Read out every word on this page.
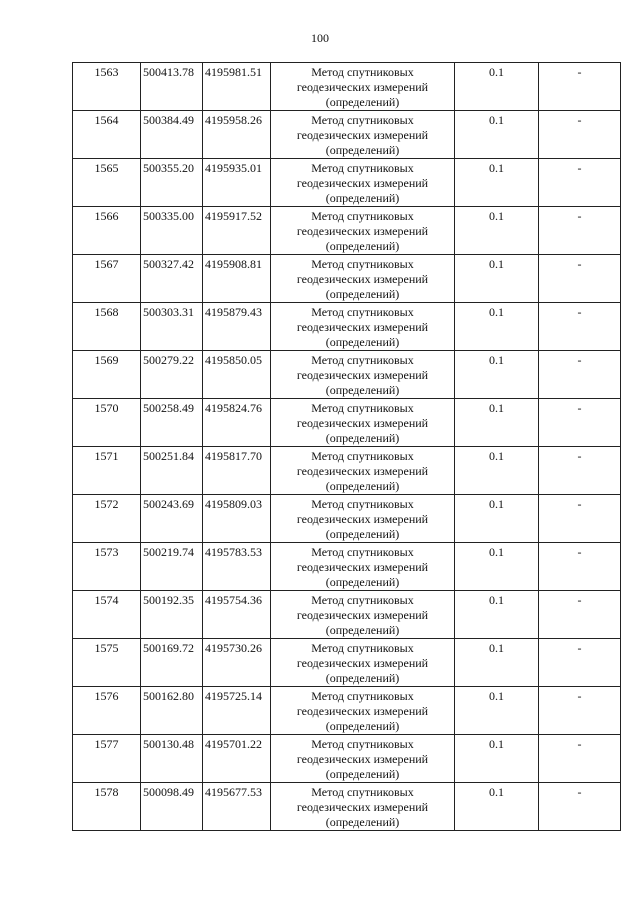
100
1563	500413.78	4195981.51	Метод спутниковых геодезических измерений (определений)	0.1	-
1564	500384.49	4195958.26	Метод спутниковых геодезических измерений (определений)	0.1	-
1565	500355.20	4195935.01	Метод спутниковых геодезических измерений (определений)	0.1	-
1566	500335.00	4195917.52	Метод спутниковых геодезических измерений (определений)	0.1	-
1567	500327.42	4195908.81	Метод спутниковых геодезических измерений (определений)	0.1	-
1568	500303.31	4195879.43	Метод спутниковых геодезических измерений (определений)	0.1	-
1569	500279.22	4195850.05	Метод спутниковых геодезических измерений (определений)	0.1	-
1570	500258.49	4195824.76	Метод спутниковых геодезических измерений (определений)	0.1	-
1571	500251.84	4195817.70	Метод спутниковых геодезических измерений (определений)	0.1	-
1572	500243.69	4195809.03	Метод спутниковых геодезических измерений (определений)	0.1	-
1573	500219.74	4195783.53	Метод спутниковых геодезических измерений (определений)	0.1	-
1574	500192.35	4195754.36	Метод спутниковых геодезических измерений (определений)	0.1	-
1575	500169.72	4195730.26	Метод спутниковых геодезических измерений (определений)	0.1	-
1576	500162.80	4195725.14	Метод спутниковых геодезических измерений (определений)	0.1	-
1577	500130.48	4195701.22	Метод спутниковых геодезических измерений (определений)	0.1	-
1578	500098.49	4195677.53	Метод спутниковых геодезических измерений (определений)	0.1	-
